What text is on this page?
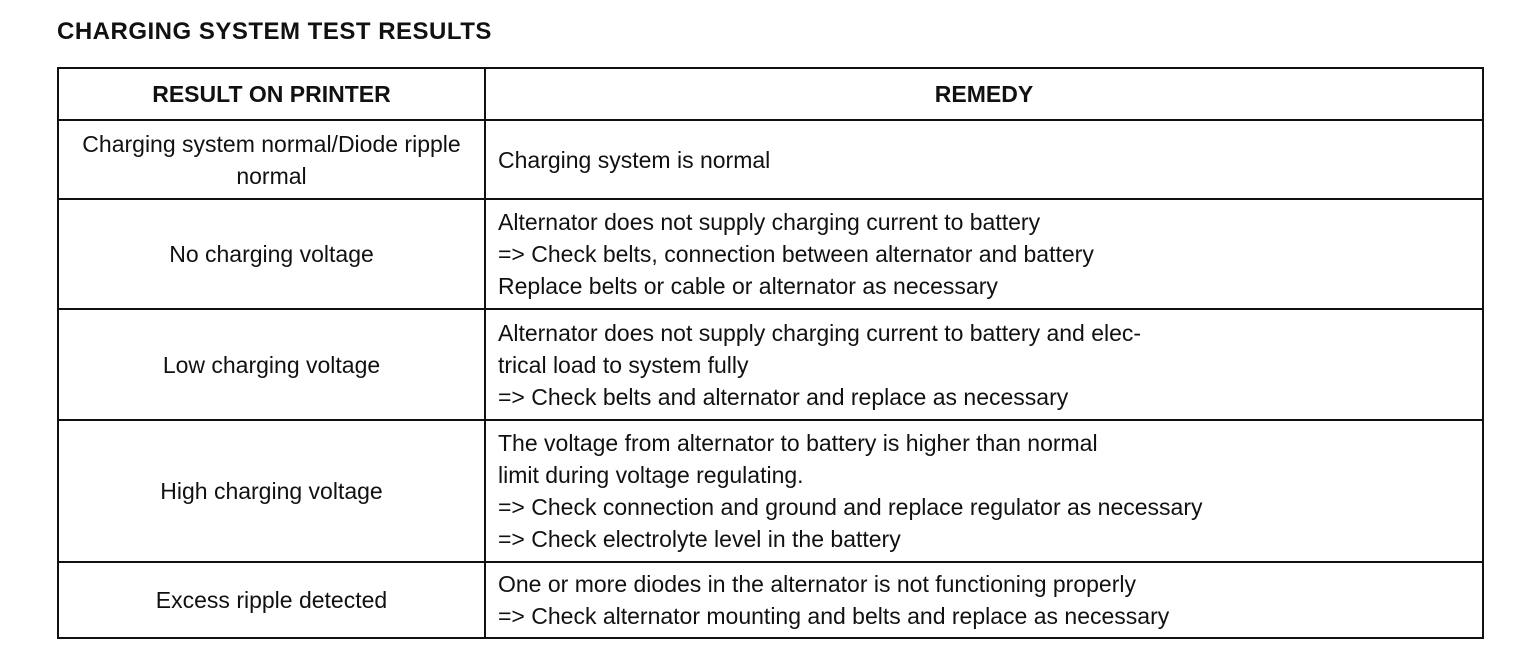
CHARGING SYSTEM TEST RESULTS
RESULT ON PRINTER	REMEDY
Charging system normal/Diode ripple normal	Charging system is normal

No charging voltage	Alternator does not supply charging current to battery
=> Check belts, connection between alternator and battery
Replace belts or cable or alternator as necessary

Low charging voltage	Alternator does not supply charging current to battery and elec-
trical load to system fully
=> Check belts and alternator and replace as necessary

High charging voltage	The voltage from alternator to battery is higher than normal
limit during voltage regulating.
=> Check connection and ground and replace regulator as necessary
=> Check electrolyte level in the battery

Excess ripple detected	One or more diodes in the alternator is not functioning properly
=> Check alternator mounting and belts and replace as necessary
